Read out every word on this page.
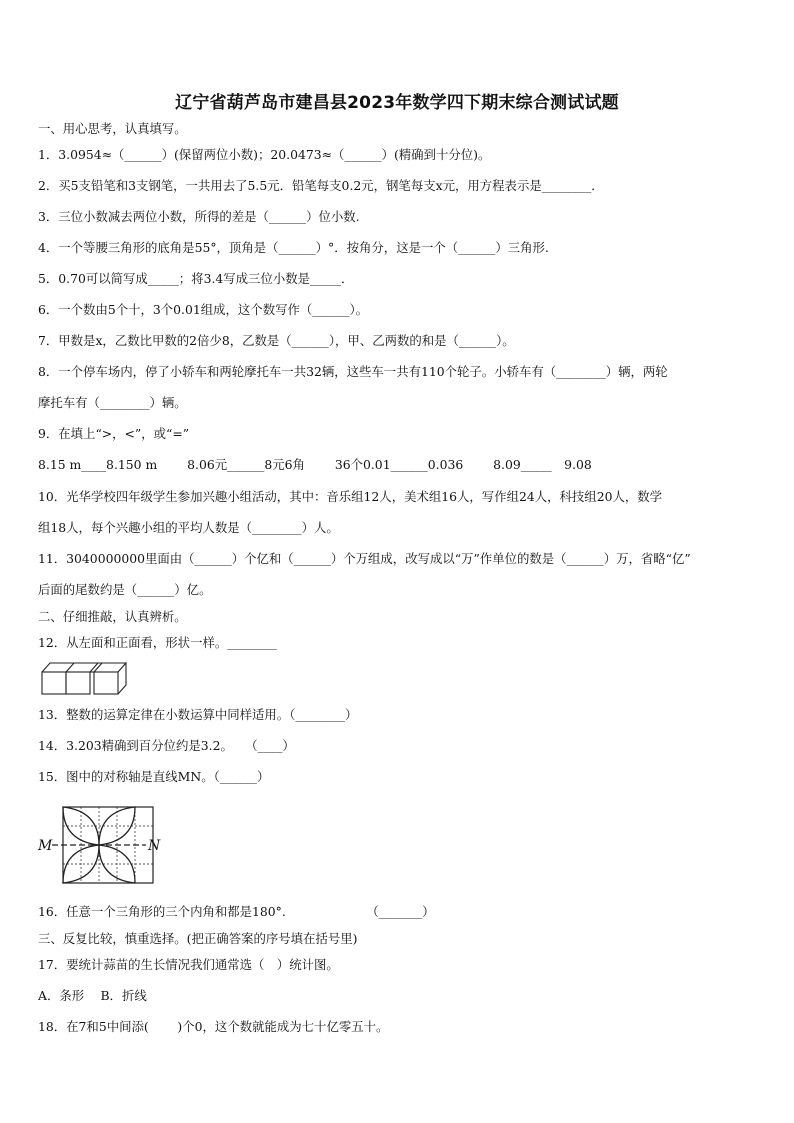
辽宁省葫芦岛市建昌县2023年数学四下期末综合测试试题
一、用心思考，认真填写。
1．3.0954≈（______）(保留两位小数)；20.0473≈（______）(精确到十分位)。
2．买5支铅笔和3支钢笔，一共用去了5.5元．铅笔每支0.2元，钢笔每支x元，用方程表示是________．
3．三位小数减去两位小数，所得的差是（______）位小数.
4．一个等腰三角形的底角是55°，顶角是（______）°．按角分，这是一个（______）三角形.
5．0.70可以简写成_____；将3.4写成三位小数是_____．
6．一个数由5个十，3个0.01组成，这个数写作（______）。
7．甲数是x，乙数比甲数的2倍少8，乙数是（______），甲、乙两数的和是（______）。
8．一个停车场内，停了小轿车和两轮摩托车一共32辆，这些车一共有110个轮子。小轿车有（________）辆，两轮
摩托车有（________）辆。
9．在填上“>，<”，或“=”
8.15 m____8.150 m 8.06元______8元6角 36个0.01______0.036 8.09_____　9.08
10．光华学校四年级学生参加兴趣小组活动，其中：音乐组12人，美术组16人，写作组24人，科技组20人，数学
组18人，每个兴趣小组的平均人数是（________）人。
11．3040000000里面由（______）个亿和（______）个万组成，改写成以“万”作单位的数是（______）万，省略“亿”
后面的尾数约是（______）亿。
二、仔细推敲，认真辨析。
12．从左面和正面看，形状一样。________
13．整数的运算定律在小数运算中同样适用。（________）
14．3.203精确到百分位约是3.2。　　（____）
15．图中的对称轴是直线MN。（______）
M	N
16．任意一个三角形的三个内角和都是180°.　　　　　　　（_______）
三、反复比较，慎重选择。(把正确答案的序号填在括号里)
17．要统计蒜苗的生长情况我们通常选（　）统计图。
A．条形　 B．折线
18．在7和5中间添(　　 )个0，这个数就能成为七十亿零五十。
